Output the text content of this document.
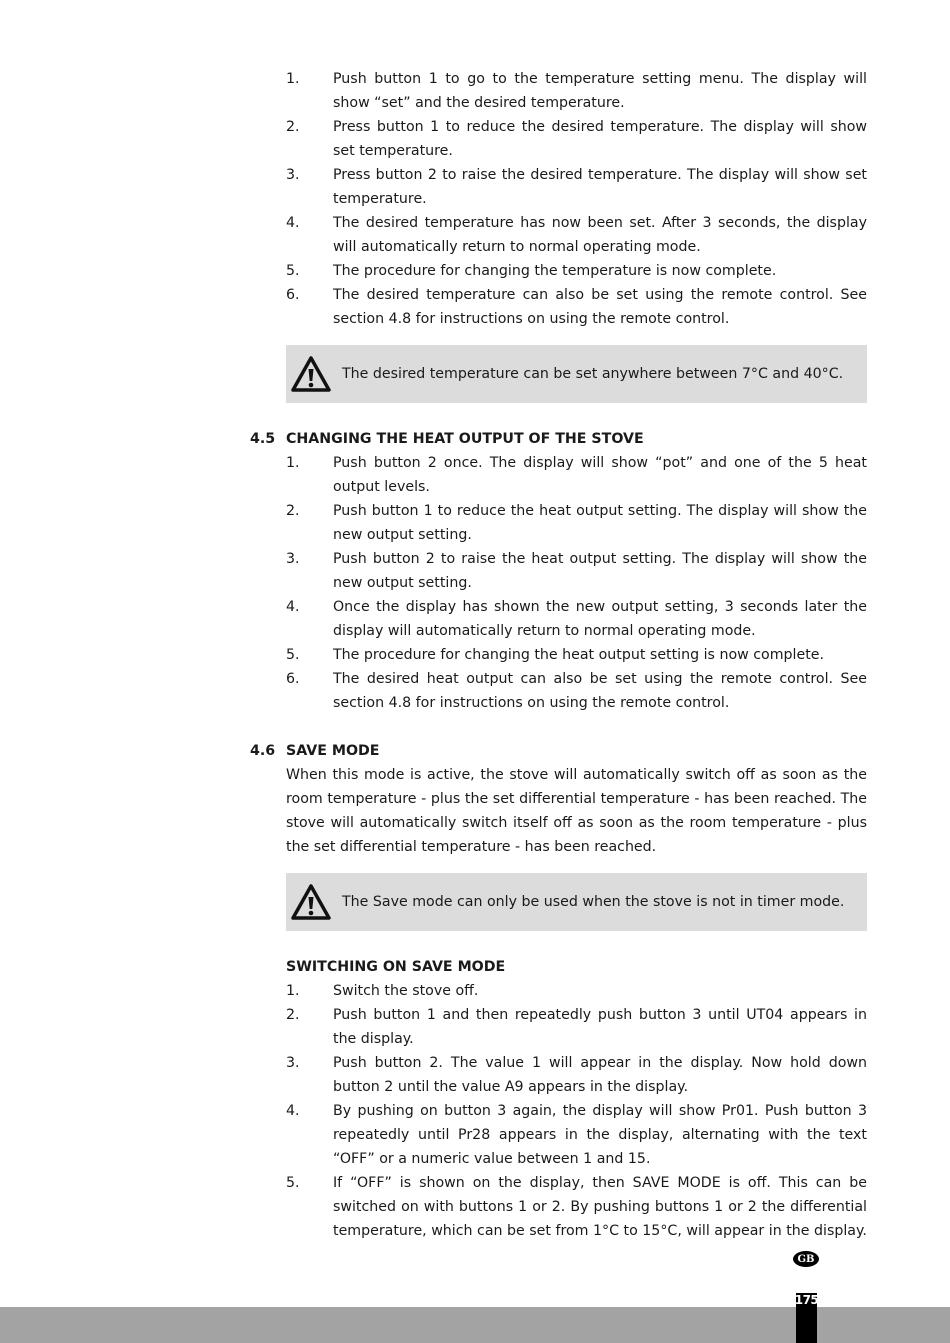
1.	Push button 1 to go to the temperature setting menu. The display will show “set” and the desired temperature.
2.	Press button 1 to reduce the desired temperature. The display will show set temperature.
3.	Press button 2 to raise the desired temperature. The display will show set temperature.
4.	The desired temperature has now been set. After 3 seconds, the display will automatically return to normal operating mode.
5.	The procedure for changing the temperature is now complete.
6.	The desired temperature can also be set using the remote control. See section 4.8 for instructions on using the remote control.
The desired temperature can be set anywhere between 7°C and 40°C.
4.5 CHANGING THE HEAT OUTPUT OF THE STOVE
1.	Push button 2 once. The display will show “pot” and one of the 5 heat output levels.
2.	Push button 1 to reduce the heat output setting. The display will show the new output setting.
3.	Push button 2 to raise the heat output setting. The display will show the new output setting.
4.	Once the display has shown the new output setting, 3 seconds later the display will automatically return to normal operating mode.
5.	The procedure for changing the heat output setting is now complete.
6.	The desired heat output can also be set using the remote control. See section 4.8 for instructions on using the remote control.
4.6 SAVE MODE

When this mode is active, the stove will automatically switch off as soon as the room temperature - plus the set differential temperature - has been reached. The stove will automatically switch itself off as soon as the room temperature - plus the set differential temperature - has been reached.

The Save mode can only be used when the stove is not in timer mode.
SWITCHING ON SAVE MODE
1.	Switch the stove off.
2.	Push button 1 and then repeatedly push button 3 until UT04 appears in the display.
3.	Push button 2. The value 1 will appear in the display. Now hold down button 2 until the value A9 appears in the display.
4.	By pushing on button 3 again, the display will show Pr01. Push button 3 repeatedly until Pr28 appears in the display, alternating with the text “OFF” or a numeric value between 1 and 15.
5.	If “OFF” is shown on the display, then SAVE MODE is off. This can be switched on with buttons 1 or 2. By pushing buttons 1 or 2 the differential temperature, which can be set from 1°C to 15°C, will appear in the display.
GB
175
